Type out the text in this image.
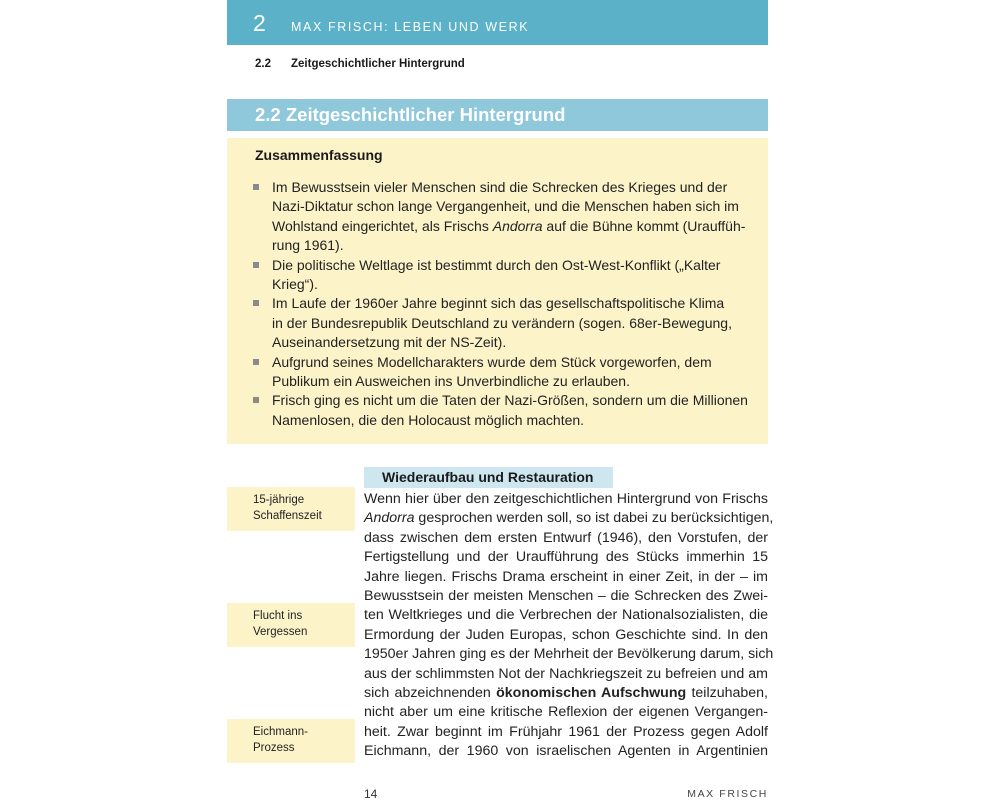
2 MAX FRISCH: LEBEN UND WERK
2.2 Zeitgeschichtlicher Hintergrund
2.2 Zeitgeschichtlicher Hintergrund
Zusammenfassung
Im Bewusstsein vieler Menschen sind die Schrecken des Krieges und der
Nazi-Diktatur schon lange Vergangenheit, und die Menschen haben sich im
Wohlstand eingerichtet, als Frischs Andorra auf die Bühne kommt (Urauffüh-
rung 1961).
Die politische Weltlage ist bestimmt durch den Ost-West-Konflikt („Kalter
Krieg“).
Im Laufe der 1960er Jahre beginnt sich das gesellschaftspolitische Klima
in der Bundesrepublik Deutschland zu verändern (sogen. 68er-Bewegung,
Auseinandersetzung mit der NS-Zeit).
Aufgrund seines Modellcharakters wurde dem Stück vorgeworfen, dem
Publikum ein Ausweichen ins Unverbindliche zu erlauben.
Frisch ging es nicht um die Taten der Nazi-Größen, sondern um die Millionen
Namenlosen, die den Holocaust möglich machten.
Wiederaufbau und Restauration
15-jährige
Schaffenszeit
Flucht ins
Vergessen
Eichmann-
Prozess
Wenn hier über den zeitgeschichtlichen Hintergrund von Frischs
Andorra gesprochen werden soll, so ist dabei zu berücksichtigen,
dass zwischen dem ersten Entwurf (1946), den Vorstufen, der
Fertigstellung und der Uraufführung des Stücks immerhin 15
Jahre liegen. Frischs Drama erscheint in einer Zeit, in der – im
Bewusstsein der meisten Menschen – die Schrecken des Zwei-
ten Weltkrieges und die Verbrechen der Nationalsozialisten, die
Ermordung der Juden Europas, schon Geschichte sind. In den
1950er Jahren ging es der Mehrheit der Bevölkerung darum, sich
aus der schlimmsten Not der Nachkriegszeit zu befreien und am
sich abzeichnenden ökonomischen Aufschwung teilzuhaben,
nicht aber um eine kritische Reflexion der eigenen Vergangen-
heit. Zwar beginnt im Frühjahr 1961 der Prozess gegen Adolf
Eichmann, der 1960 von israelischen Agenten in Argentinien
14	MAX FRISCH
